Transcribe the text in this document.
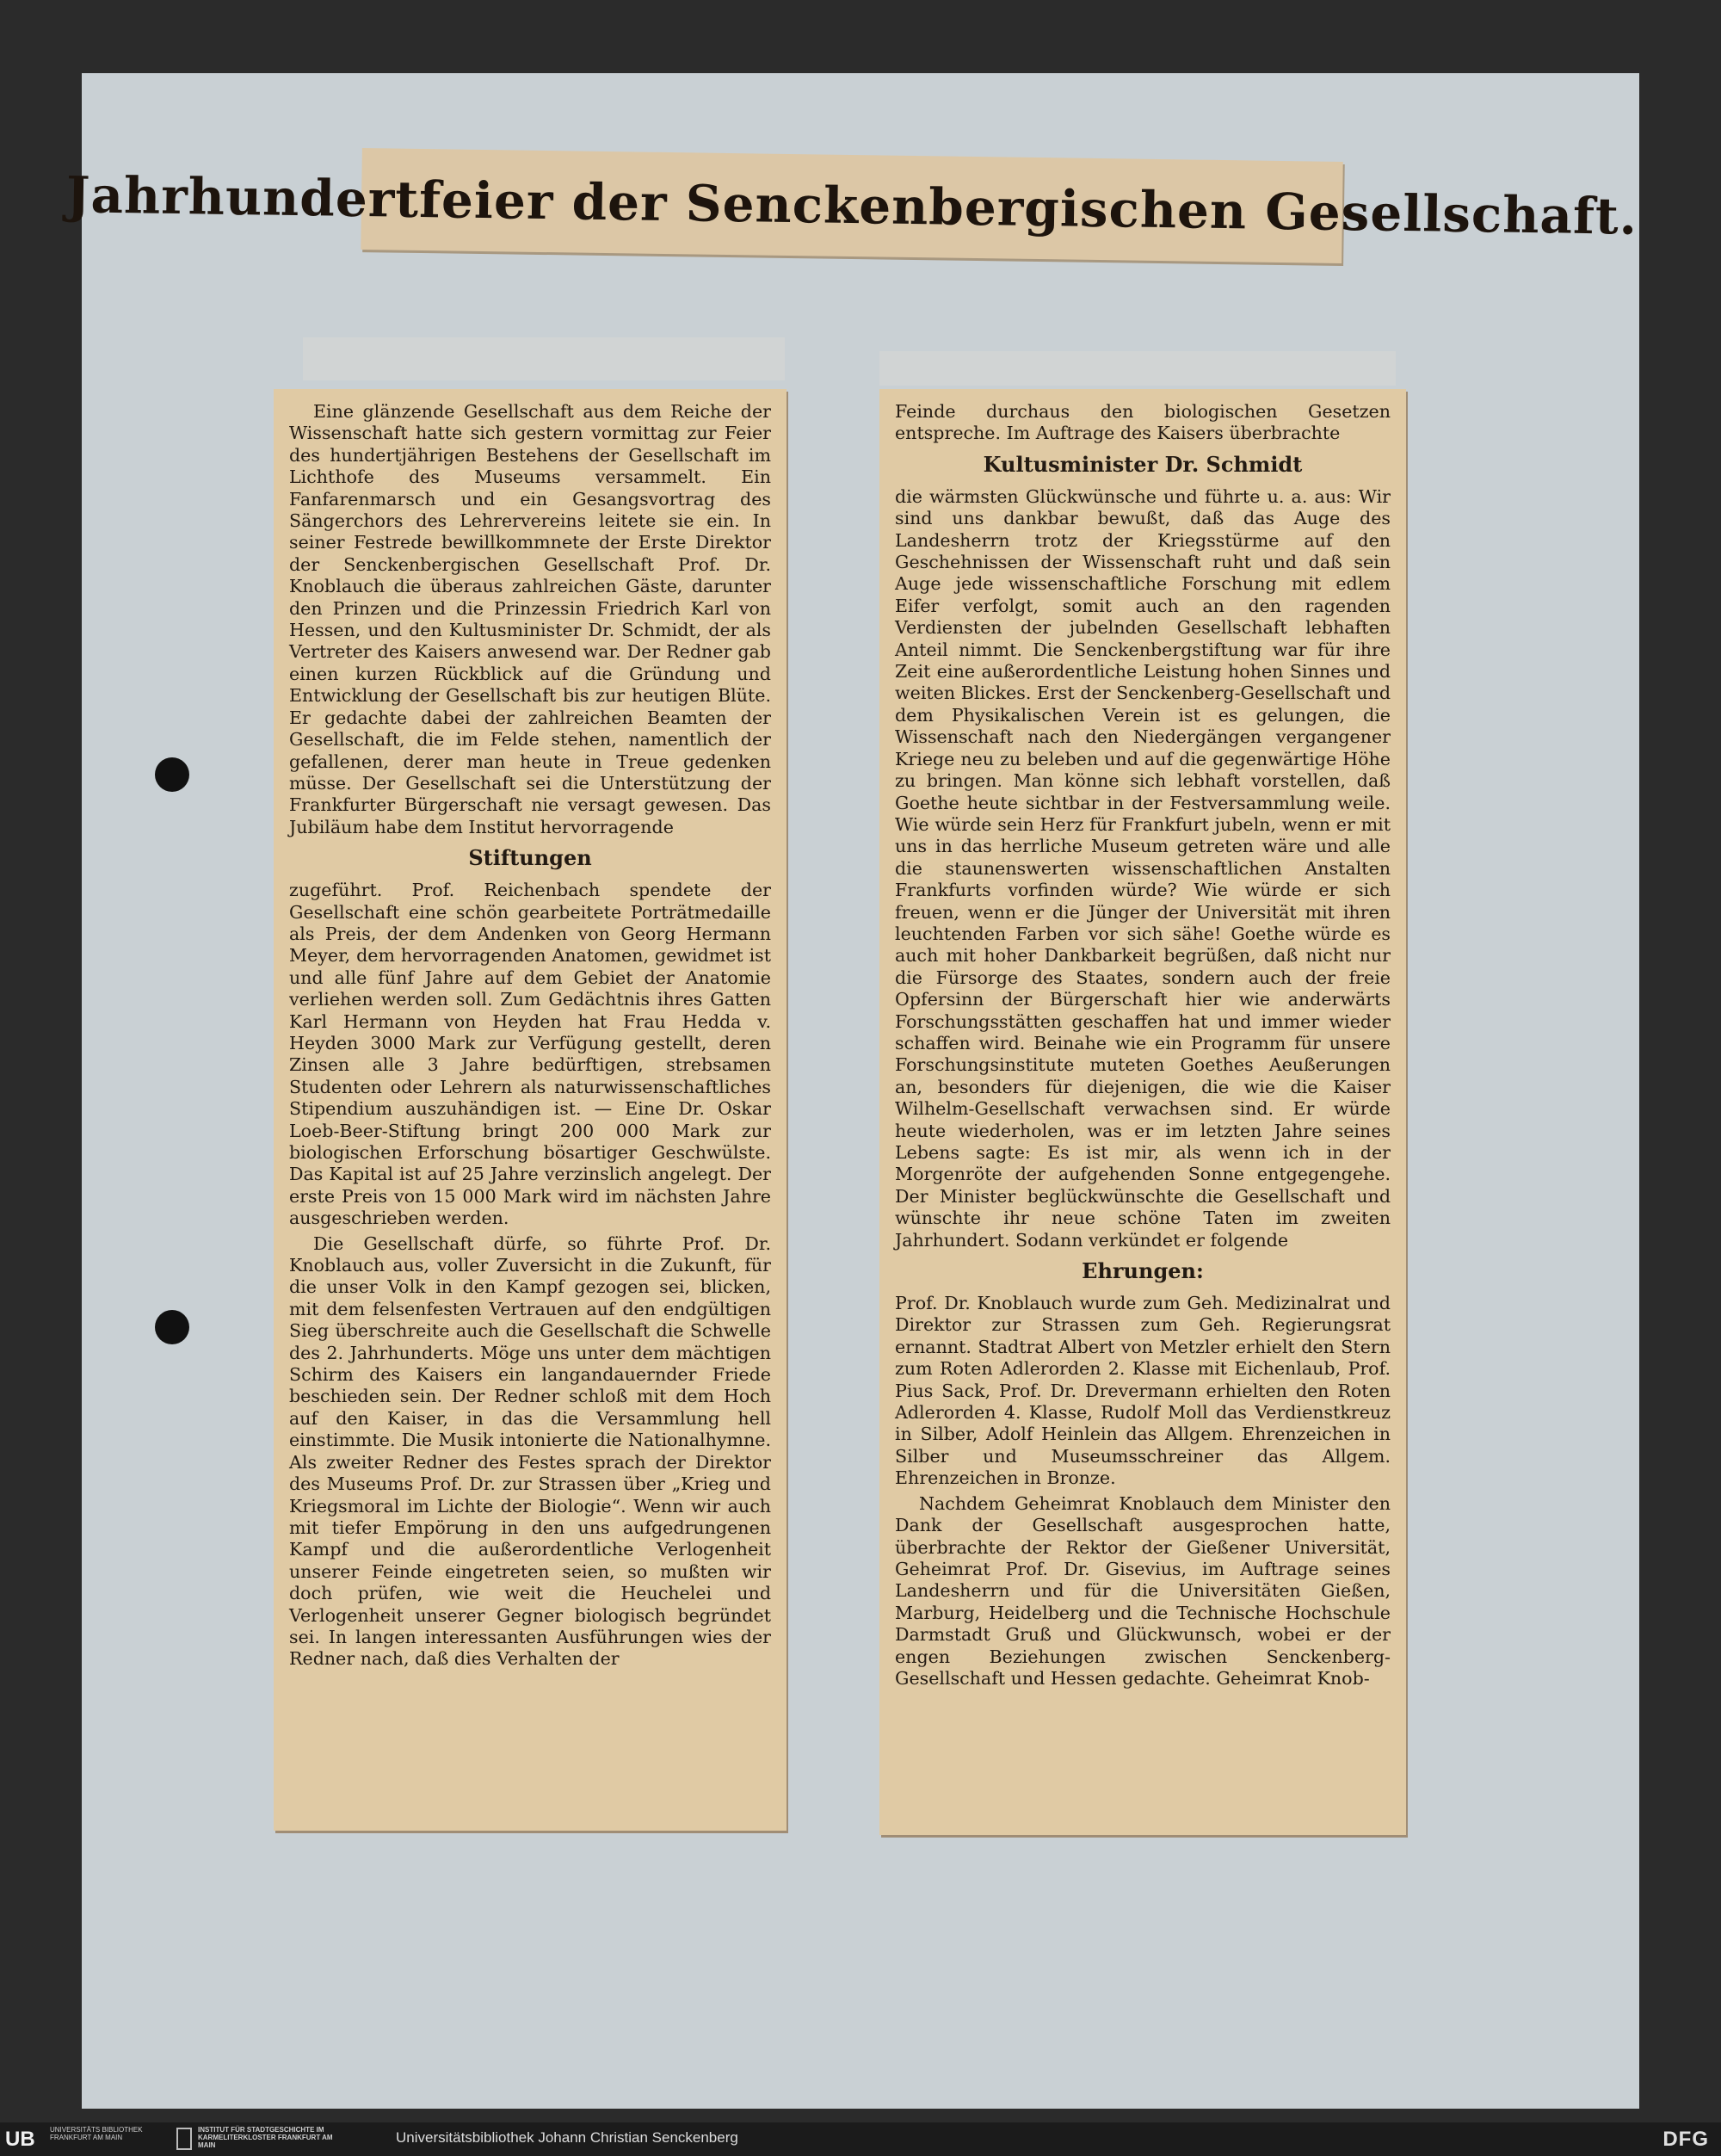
Jahrhundertfeier der Senckenbergischen Gesellschaft.

Eine glänzende Gesellschaft aus dem Reiche der Wissenschaft hatte sich gestern vormittag zur Feier des hundertjährigen Bestehens der Gesellschaft im Lichthofe des Museums versammelt. Ein Fanfarenmarsch und ein Gesangsvortrag des Sängerchors des Lehrervereins leitete sie ein. In seiner Festrede bewillkommnete der Erste Direktor der Senckenbergischen Gesellschaft Prof. Dr. Knoblauch die überaus zahlreichen Gäste, darunter den Prinzen und die Prinzessin Friedrich Karl von Hessen, und den Kultusminister Dr. Schmidt, der als Vertreter des Kaisers anwesend war. Der Redner gab einen kurzen Rückblick auf die Gründung und Entwicklung der Gesellschaft bis zur heutigen Blüte. Er gedachte dabei der zahlreichen Beamten der Gesellschaft, die im Felde stehen, namentlich der gefallenen, derer man heute in Treue gedenken müsse. Der Gesellschaft sei die Unterstützung der Frankfurter Bürgerschaft nie versagt gewesen. Das Jubiläum habe dem Institut hervorragende

Stiftungen

zugeführt. Prof. Reichenbach spendete der Gesellschaft eine schön gearbeitete Porträtmedaille als Preis, der dem Andenken von Georg Hermann Meyer, dem hervorragenden Anatomen, gewidmet ist und alle fünf Jahre auf dem Gebiet der Anatomie verliehen werden soll. Zum Gedächtnis ihres Gatten Karl Hermann von Heyden hat Frau Hedda v. Heyden 3000 Mark zur Verfügung gestellt, deren Zinsen alle 3 Jahre bedürftigen, strebsamen Studenten oder Lehrern als naturwissenschaftliches Stipendium auszuhändigen ist. — Eine Dr. Oskar Loeb-Beer-Stiftung bringt 200 000 Mark zur biologischen Erforschung bösartiger Geschwülste. Das Kapital ist auf 25 Jahre verzinslich angelegt. Der erste Preis von 15 000 Mark wird im nächsten Jahre ausgeschrieben werden.

Die Gesellschaft dürfe, so führte Prof. Dr. Knoblauch aus, voller Zuversicht in die Zukunft, für die unser Volk in den Kampf gezogen sei, blicken, mit dem felsenfesten Vertrauen auf den endgültigen Sieg überschreite auch die Gesellschaft die Schwelle des 2. Jahrhunderts. Möge uns unter dem mächtigen Schirm des Kaisers ein langandauernder Friede beschieden sein. Der Redner schloß mit dem Hoch auf den Kaiser, in das die Versammlung hell einstimmte. Die Musik intonierte die Nationalhymne. Als zweiter Redner des Festes sprach der Direktor des Museums Prof. Dr. zur Strassen über „Krieg und Kriegsmoral im Lichte der Biologie“. Wenn wir auch mit tiefer Empörung in den uns aufgedrungenen Kampf und die außerordentliche Verlogenheit unserer Feinde eingetreten seien, so mußten wir doch prüfen, wie weit die Heuchelei und Verlogenheit unserer Gegner biologisch begründet sei. In langen interessanten Ausführungen wies der Redner nach, daß dies Verhalten der

Feinde durchaus den biologischen Gesetzen entspreche. Im Auftrage des Kaisers überbrachte

Kultusminister Dr. Schmidt

die wärmsten Glückwünsche und führte u. a. aus: Wir sind uns dankbar bewußt, daß das Auge des Landesherrn trotz der Kriegsstürme auf den Geschehnissen der Wissenschaft ruht und daß sein Auge jede wissenschaftliche Forschung mit edlem Eifer verfolgt, somit auch an den ragenden Verdiensten der jubelnden Gesellschaft lebhaften Anteil nimmt. Die Senckenbergstiftung war für ihre Zeit eine außerordentliche Leistung hohen Sinnes und weiten Blickes. Erst der Senckenberg-Gesellschaft und dem Physikalischen Verein ist es gelungen, die Wissenschaft nach den Niedergängen vergangener Kriege neu zu beleben und auf die gegenwärtige Höhe zu bringen. Man könne sich lebhaft vorstellen, daß Goethe heute sichtbar in der Festversammlung weile. Wie würde sein Herz für Frankfurt jubeln, wenn er mit uns in das herrliche Museum getreten wäre und alle die staunenswerten wissenschaftlichen Anstalten Frankfurts vorfinden würde? Wie würde er sich freuen, wenn er die Jünger der Universität mit ihren leuchtenden Farben vor sich sähe! Goethe würde es auch mit hoher Dankbarkeit begrüßen, daß nicht nur die Fürsorge des Staates, sondern auch der freie Opfersinn der Bürgerschaft hier wie anderwärts Forschungsstätten geschaffen hat und immer wieder schaffen wird. Beinahe wie ein Programm für unsere Forschungsinstitute muteten Goethes Aeußerungen an, besonders für diejenigen, die wie die Kaiser Wilhelm-Gesellschaft verwachsen sind. Er würde heute wiederholen, was er im letzten Jahre seines Lebens sagte: Es ist mir, als wenn ich in der Morgenröte der aufgehenden Sonne entgegengehe. Der Minister beglückwünschte die Gesellschaft und wünschte ihr neue schöne Taten im zweiten Jahrhundert. Sodann verkündet er folgende

Ehrungen:

Prof. Dr. Knoblauch wurde zum Geh. Medizinalrat und Direktor zur Strassen zum Geh. Regierungsrat ernannt. Stadtrat Albert von Metzler erhielt den Stern zum Roten Adlerorden 2. Klasse mit Eichenlaub, Prof. Pius Sack, Prof. Dr. Drevermann erhielten den Roten Adlerorden 4. Klasse, Rudolf Moll das Verdienstkreuz in Silber, Adolf Heinlein das Allgem. Ehrenzeichen in Silber und Museumsschreiner das Allgem. Ehrenzeichen in Bronze.

Nachdem Geheimrat Knoblauch dem Minister den Dank der Gesellschaft ausgesprochen hatte, überbrachte der Rektor der Gießener Universität, Geheimrat Prof. Dr. Gisevius, im Auftrage seines Landesherrn und für die Universitäten Gießen, Marburg, Heidelberg und die Technische Hochschule Darmstadt Gruß und Glückwunsch, wobei er der engen Beziehungen zwischen Senckenberg-Gesellschaft und Hessen gedachte. Geheimrat Knob-

UB UNIVERSITÄTS BIBLIOTHEK FRANKFURT AM MAIN
INSTITUT FÜR STADTGESCHICHTE IM KARMELITERKLOSTER FRANKFURT AM MAIN	Universitätsbibliothek Johann Christian Senckenberg	DFG
